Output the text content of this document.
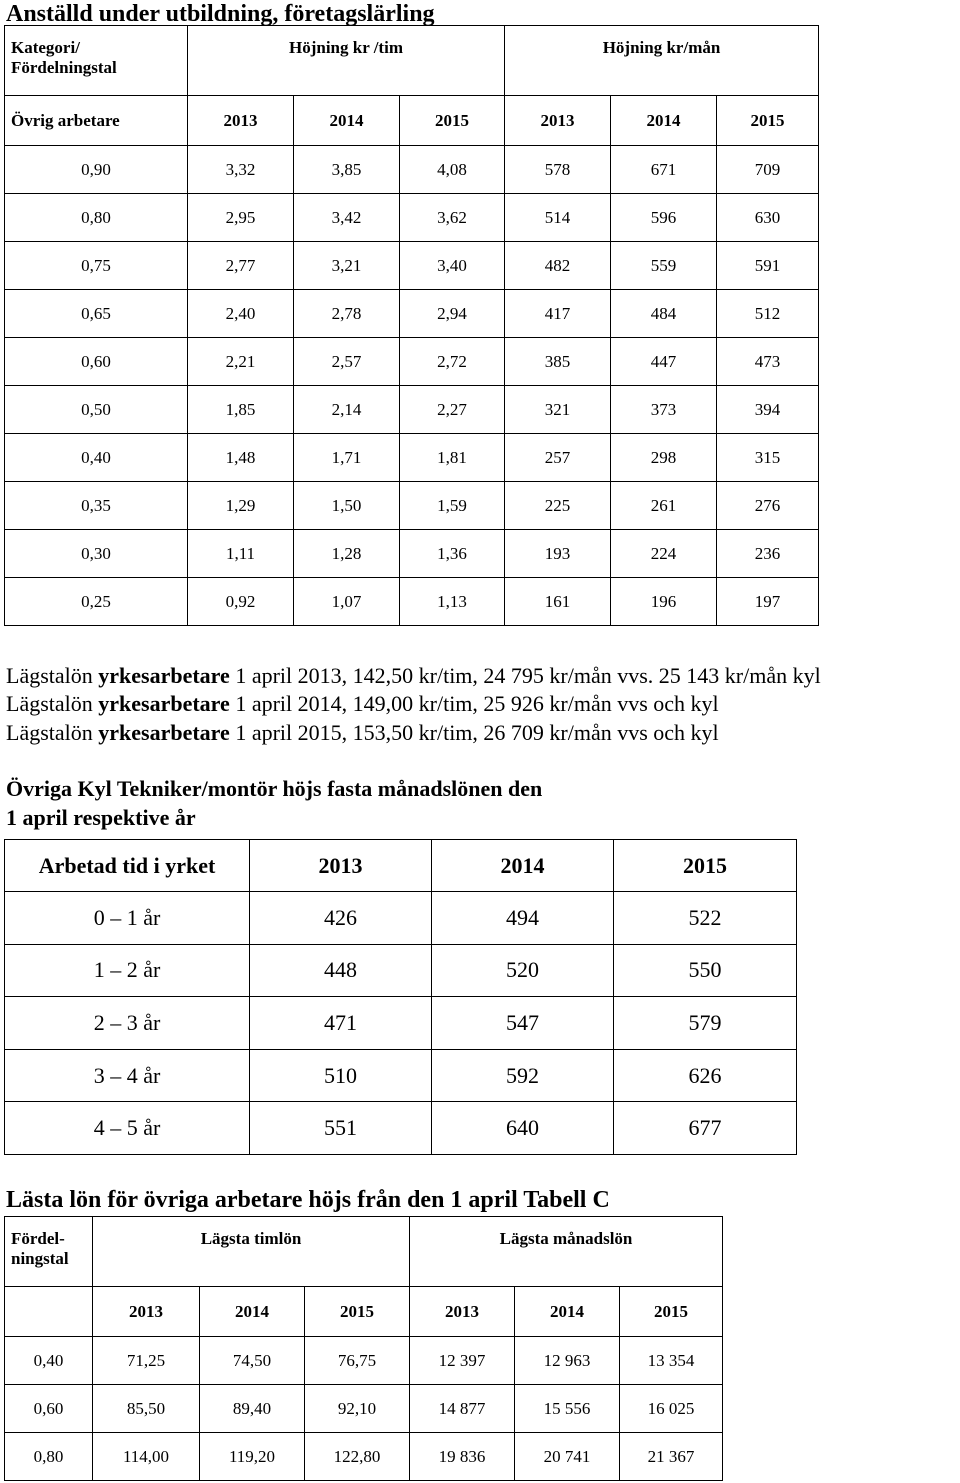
Anställd under utbildning, företagslärling
Kategori/
Fördelningstal	Höjning kr /tim			Höjning kr/mån		
Övrig arbetare	2013	2014	2015	2013	2014	2015
0,90	3,32	3,85	4,08	578	671	709
0,80	2,95	3,42	3,62	514	596	630
0,75	2,77	3,21	3,40	482	559	591
0,65	2,40	2,78	2,94	417	484	512
0,60	2,21	2,57	2,72	385	447	473
0,50	1,85	2,14	2,27	321	373	394
0,40	1,48	1,71	1,81	257	298	315
0,35	1,29	1,50	1,59	225	261	276
0,30	1,11	1,28	1,36	193	224	236
0,25	0,92	1,07	1,13	161	196	197
Lägstalön yrkesarbetare 1 april 2013, 142,50 kr/tim, 24 795 kr/mån vvs. 25 143 kr/mån kyl
Lägstalön yrkesarbetare 1 april 2014, 149,00 kr/tim, 25 926 kr/mån vvs och kyl
Lägstalön yrkesarbetare 1 april 2015, 153,50 kr/tim, 26 709 kr/mån vvs och kyl
Övriga Kyl Tekniker/montör höjs fasta månadslönen den
1 april respektive år
Arbetad tid i yrket	2013	2014	2015
0 – 1 år	426	494	522
1 – 2 år	448	520	550
2 – 3 år	471	547	579
3 – 4 år	510	592	626
4 – 5 år	551	640	677
Lästa lön för övriga arbetare höjs från den 1 april Tabell C
Fördel-
ningstal	Lägsta timlön			Lägsta månadslön		
	2013	2014	2015	2013	2014	2015
0,40	71,25	74,50	76,75	12 397	12 963	13 354
0,60	85,50	89,40	92,10	14 877	15 556	16 025
0,80	114,00	119,20	122,80	19 836	20 741	21 367
